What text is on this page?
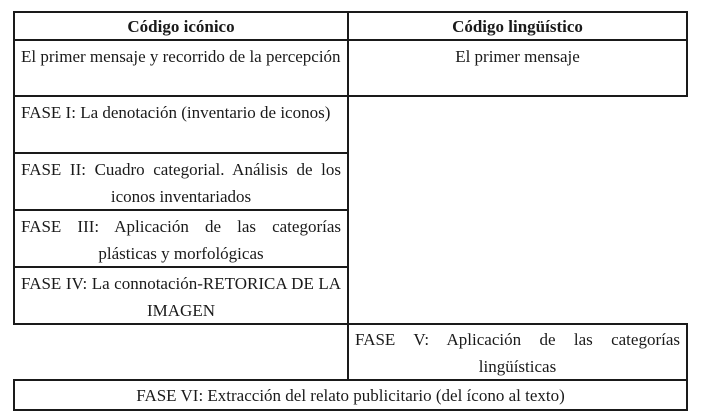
Código icónico	Código lingüístico
El primer mensaje y recorrido de la percepción	El primer mensaje
FASE I: La denotación (inventario de iconos)
FASE II: Cuadro categorial. Análisis de los iconos inventariados
FASE III: Aplicación de las categorías plásticas y morfológicas
FASE IV: La connotación-RETORICA DE LA IMAGEN
FASE V: Aplicación de las categorías lingüísticas
FASE VI: Extracción del relato publicitario (del ícono al texto)
